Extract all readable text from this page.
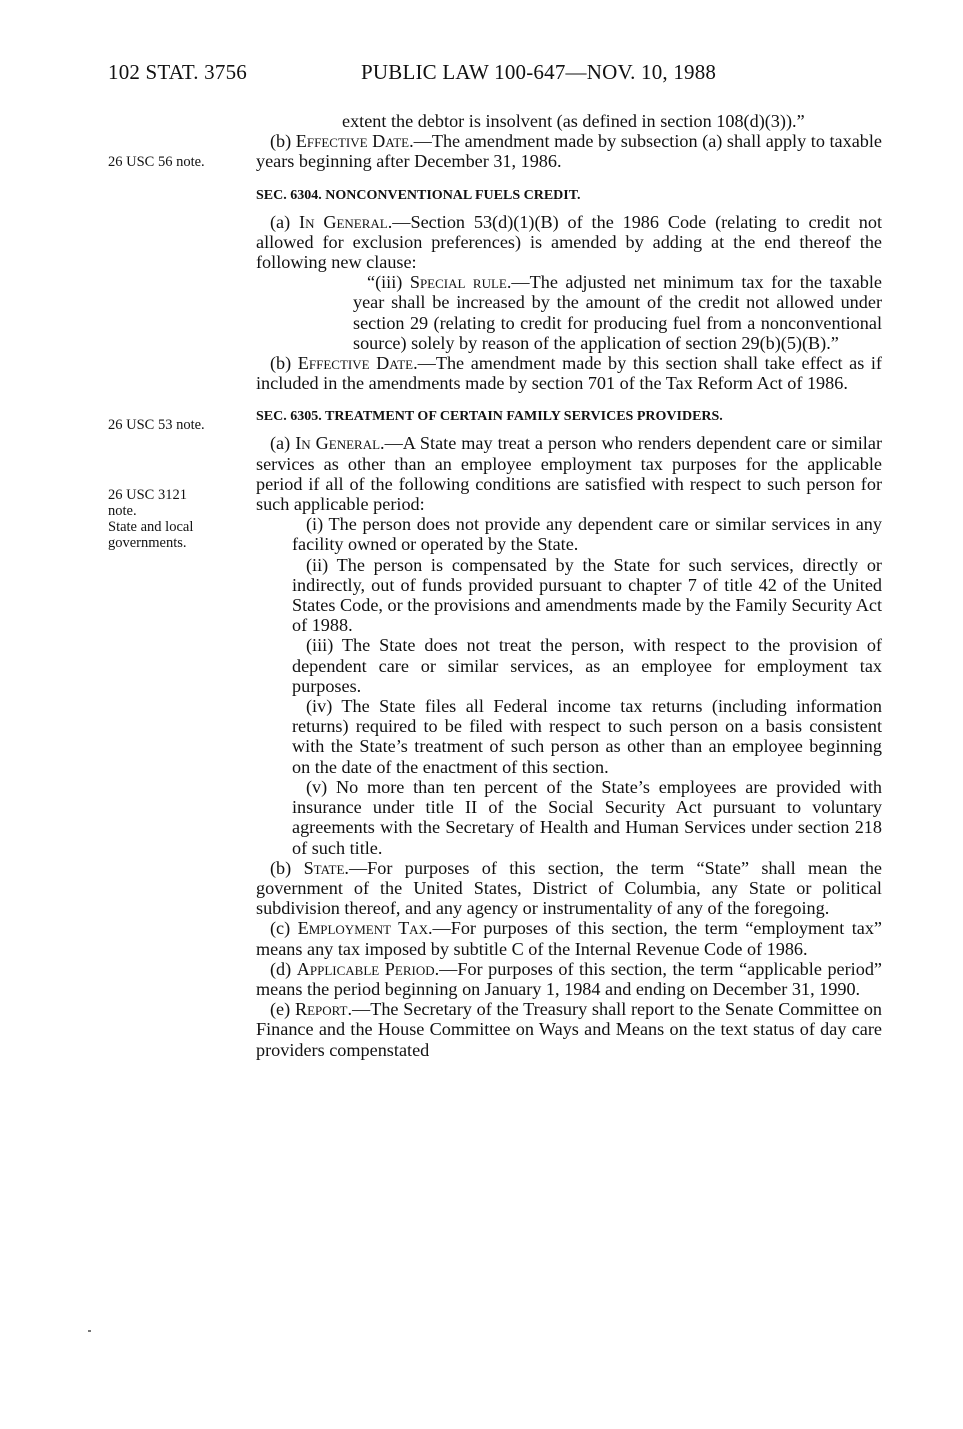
102 STAT. 3756	PUBLIC LAW 100-647—NOV. 10, 1988
26 USC 56 note.
26 USC 53 note.
26 USC 3121
note.
State and local
governments.

extent the debtor is insolvent (as defined in section 108(d)(3)).”

(b) Effective Date.—The amendment made by subsection (a) shall apply to taxable years beginning after December 31, 1986.

SEC. 6304. NONCONVENTIONAL FUELS CREDIT.

(a) In General.—Section 53(d)(1)(B) of the 1986 Code (relating to credit not allowed for exclusion preferences) is amended by adding at the end thereof the following new clause:

“(iii) Special rule.—The adjusted net minimum tax for the taxable year shall be increased by the amount of the credit not allowed under section 29 (relating to credit for producing fuel from a nonconventional source) solely by reason of the application of section 29(b)(5)(B).”

(b) Effective Date.—The amendment made by this section shall take effect as if included in the amendments made by section 701 of the Tax Reform Act of 1986.

SEC. 6305. TREATMENT OF CERTAIN FAMILY SERVICES PROVIDERS.

(a) In General.—A State may treat a person who renders dependent care or similar services as other than an employee employment tax purposes for the applicable period if all of the following conditions are satisfied with respect to such person for such applicable period:

(i) The person does not provide any dependent care or similar services in any facility owned or operated by the State.

(ii) The person is compensated by the State for such services, directly or indirectly, out of funds provided pursuant to chapter 7 of title 42 of the United States Code, or the provisions and amendments made by the Family Security Act of 1988.

(iii) The State does not treat the person, with respect to the provision of dependent care or similar services, as an employee for employment tax purposes.

(iv) The State files all Federal income tax returns (including information returns) required to be filed with respect to such person on a basis consistent with the State’s treatment of such person as other than an employee beginning on the date of the enactment of this section.

(v) No more than ten percent of the State’s employees are provided with insurance under title II of the Social Security Act pursuant to voluntary agreements with the Secretary of Health and Human Services under section 218 of such title.

(b) State.—For purposes of this section, the term “State” shall mean the government of the United States, District of Columbia, any State or political subdivision thereof, and any agency or instrumentality of any of the foregoing.

(c) Employment Tax.—For purposes of this section, the term “employment tax” means any tax imposed by subtitle C of the Internal Revenue Code of 1986.

(d) Applicable Period.—For purposes of this section, the term “applicable period” means the period beginning on January 1, 1984 and ending on December 31, 1990.

(e) Report.—The Secretary of the Treasury shall report to the Senate Committee on Finance and the House Committee on Ways and Means on the text status of day care providers compenstated
